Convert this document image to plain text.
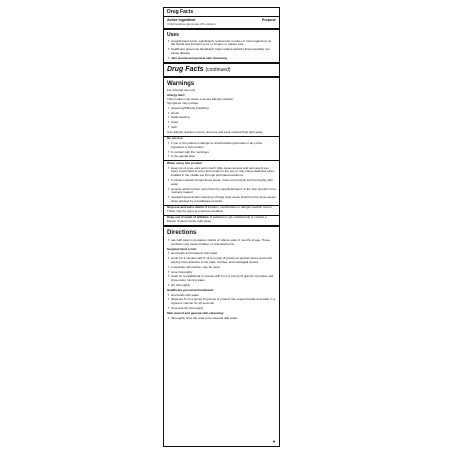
Drug Facts
Active ingredient	Purpose
Chlorhexidine gluconate 4% solution
Uses
▪ surgical hand scrub: significantly reduces the number of microorganisms on the hands and forearms prior to surgery or patient care
▪ healthcare personnel handwash: helps reduce bacteria that potentially can cause disease
▪ skin wound and general skin cleansing
Drug Facts (continued)
Warnings
For external use only
Allergy alert:
This product may cause a severe allergic reaction.
Symptoms may include:
▪ wheezing/difficulty breathing
▪ shock
▪ facial swelling
▪ hives
▪ rash
If an allergic reaction occurs, stop use and seek medical help right away.
Do not use
▪ if you or the patient is allergic to chlorhexidine gluconate or any other ingredient in this product
▪ in contact with the meninges
▪ in the genital area
When using this product
▪ keep out of eyes, ears and mouth. May cause serious and permanent eye injury if permitted to enter and remain in the eye or may cause deafness when instilled in the middle ear through perforated eardrums.
▪ if solution should contact these areas, rinse out promptly and thoroughly with water
▪ wounds which involve more than the superficial layers of the skin should not be routinely treated
▪ repeated general skin cleansing of large body areas should not be done except when advised by a healthcare provider
Stop use and ask a doctor if irritation, sensitization or allergic reaction occurs. These may be signs of a serious condition.
Keep out of reach of children. If swallowed, get medical help or contact a Poison Control Center right away.
Directions
▪ use with care in premature infants or infants under 2 months of age. These products may cause irritation or chemical burns.
Surgical hand scrub:
▪ wet hands and forearms with water
▪ scrub for 3 minutes with 5 ml (1 pump) (5 grams) of product and a wet brush paying close attention to the nails, cuticles, and interdigital spaces
▪ a separate nail cleaner may be used
▪ rinse thoroughly
▪ wash for an additional 3 minutes with 5 ml (1 pump) (5 grams) of product and rinse under running water
▪ dry thoroughly
Healthcare personnel handwash:
▪ wet hands with water
▪ dispense 5 ml (1 pump) (5 grams) of product into cupped hands and wash in a vigorous manner for 15 seconds
▪ rinse and dry thoroughly
Skin wound and general skin cleansing:
▪ thoroughly rinse the area to be cleaned with water
▼
